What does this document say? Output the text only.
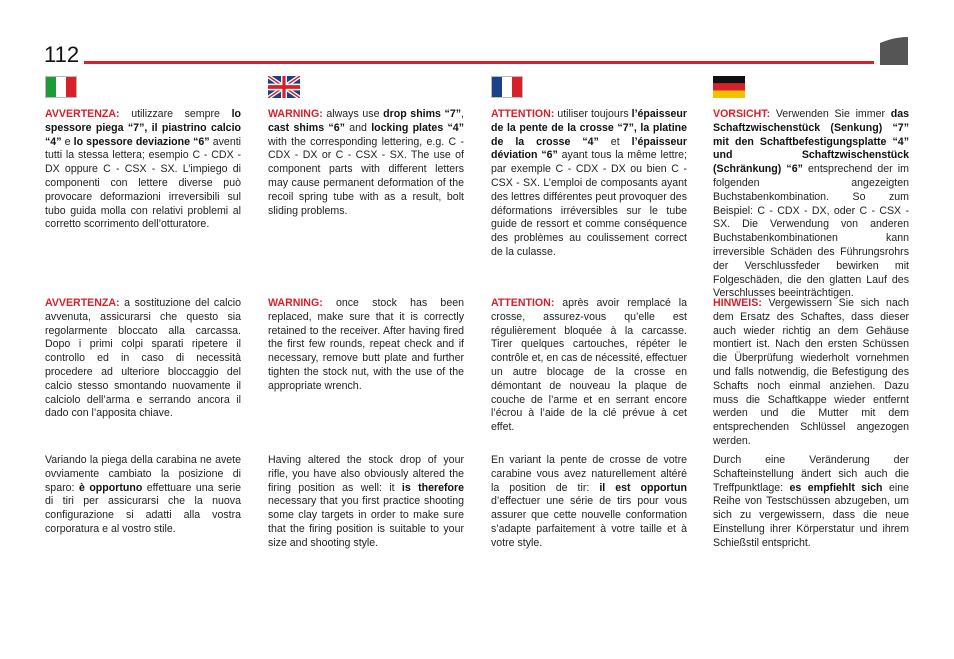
112
AVVERTENZA: utilizzare sempre lo spessore piega “7”, il piastrino calcio “4” e lo spessore deviazione “6” aventi tutti la stessa lettera; esempio C - CDX - DX oppure C - CSX - SX. L’impiego di componenti con lettere diverse può provocare deformazioni irreversibili sul tubo guida molla con relativi problemi al corretto scorrimento dell’otturatore.
AVVERTENZA: a sostituzione del calcio avvenuta, assicurarsi che questo sia regolarmente bloccato alla carcassa. Dopo i primi colpi sparati ripetere il controllo ed in caso di necessità procedere ad ulteriore bloccaggio del calcio stesso smontando nuovamente il calciolo dell’arma e serrando ancora il dado con l’apposita chiave.
Variando la piega della carabina ne avete ovviamente cambiato la posizione di sparo: è opportuno effettuare una serie di tiri per assicurarsi che la nuova configurazione si adatti alla vostra corporatura e al vostro stile.
WARNING: always use drop shims “7”, cast shims “6” and locking plates “4” with the corresponding lettering, e.g. C - CDX - DX or C - CSX - SX. The use of component parts with different letters may cause permanent deformation of the recoil spring tube with as a result, bolt sliding problems.
WARNING: once stock has been replaced, make sure that it is correctly retained to the receiver. After having fired the first few rounds, repeat check and if necessary, remove butt plate and further tighten the stock nut, with the use of the appropriate wrench.
Having altered the stock drop of your rifle, you have also obviously altered the firing position as well: it is therefore necessary that you first practice shooting some clay targets in order to make sure that the firing position is suitable to your size and shooting style.
ATTENTION: utiliser toujours l’épaisseur de la pente de la crosse “7”, la platine de la crosse “4” et l’épaisseur déviation “6” ayant tous la même lettre; par exemple C - CDX - DX ou bien C - CSX - SX. L’emploi de composants ayant des lettres différentes peut provoquer des déformations irréversibles sur le tube guide de ressort et comme conséquence des problèmes au coulissement correct de la culasse.
ATTENTION: après avoir remplacé la crosse, assurez-vous qu’elle est régulièrement bloquée à la carcasse. Tirer quelques cartouches, répéter le contrôle et, en cas de nécessité, effectuer un autre blocage de la crosse en démontant de nouveau la plaque de couche de l’arme et en serrant encore l’écrou à l’aide de la clé prévue à cet effet.
En variant la pente de crosse de votre carabine vous avez naturellement altéré la position de tir: il est opportun d’effectuer une série de tirs pour vous assurer que cette nouvelle conformation s’adapte parfaitement à votre taille et à votre style.
VORSICHT: Verwenden Sie immer das Schaftzwischenstück (Senkung) “7” mit den Schaftbefestigungsplatte “4” und Schaftzwischenstück (Schränkung) “6” entsprechend der im folgenden angezeigten Buchstabenkombination. So zum Beispiel: C - CDX - DX, oder C - CSX - SX. Die Verwendung von anderen Buchstabenkombinationen kann irreversible Schäden des Führungsrohrs der Verschlussfeder bewirken mit Folgeschäden, die den glatten Lauf des Verschlusses beeinträchtigen.
HINWEIS: Vergewissern Sie sich nach dem Ersatz des Schaftes, dass dieser auch wieder richtig an dem Gehäuse montiert ist. Nach den ersten Schüssen die Überprüfung wiederholt vornehmen und falls notwendig, die Befestigung des Schafts noch einmal anziehen. Dazu muss die Schaftkappe wieder entfernt werden und die Mutter mit dem entsprechenden Schlüssel angezogen werden.
Durch eine Veränderung der Schafteinstellung ändert sich auch die Treffpunktlage: es empfiehlt sich eine Reihe von Testschüssen abzugeben, um sich zu vergewissern, dass die neue Einstellung ihrer Körperstatur und ihrem Schießstil entspricht.
